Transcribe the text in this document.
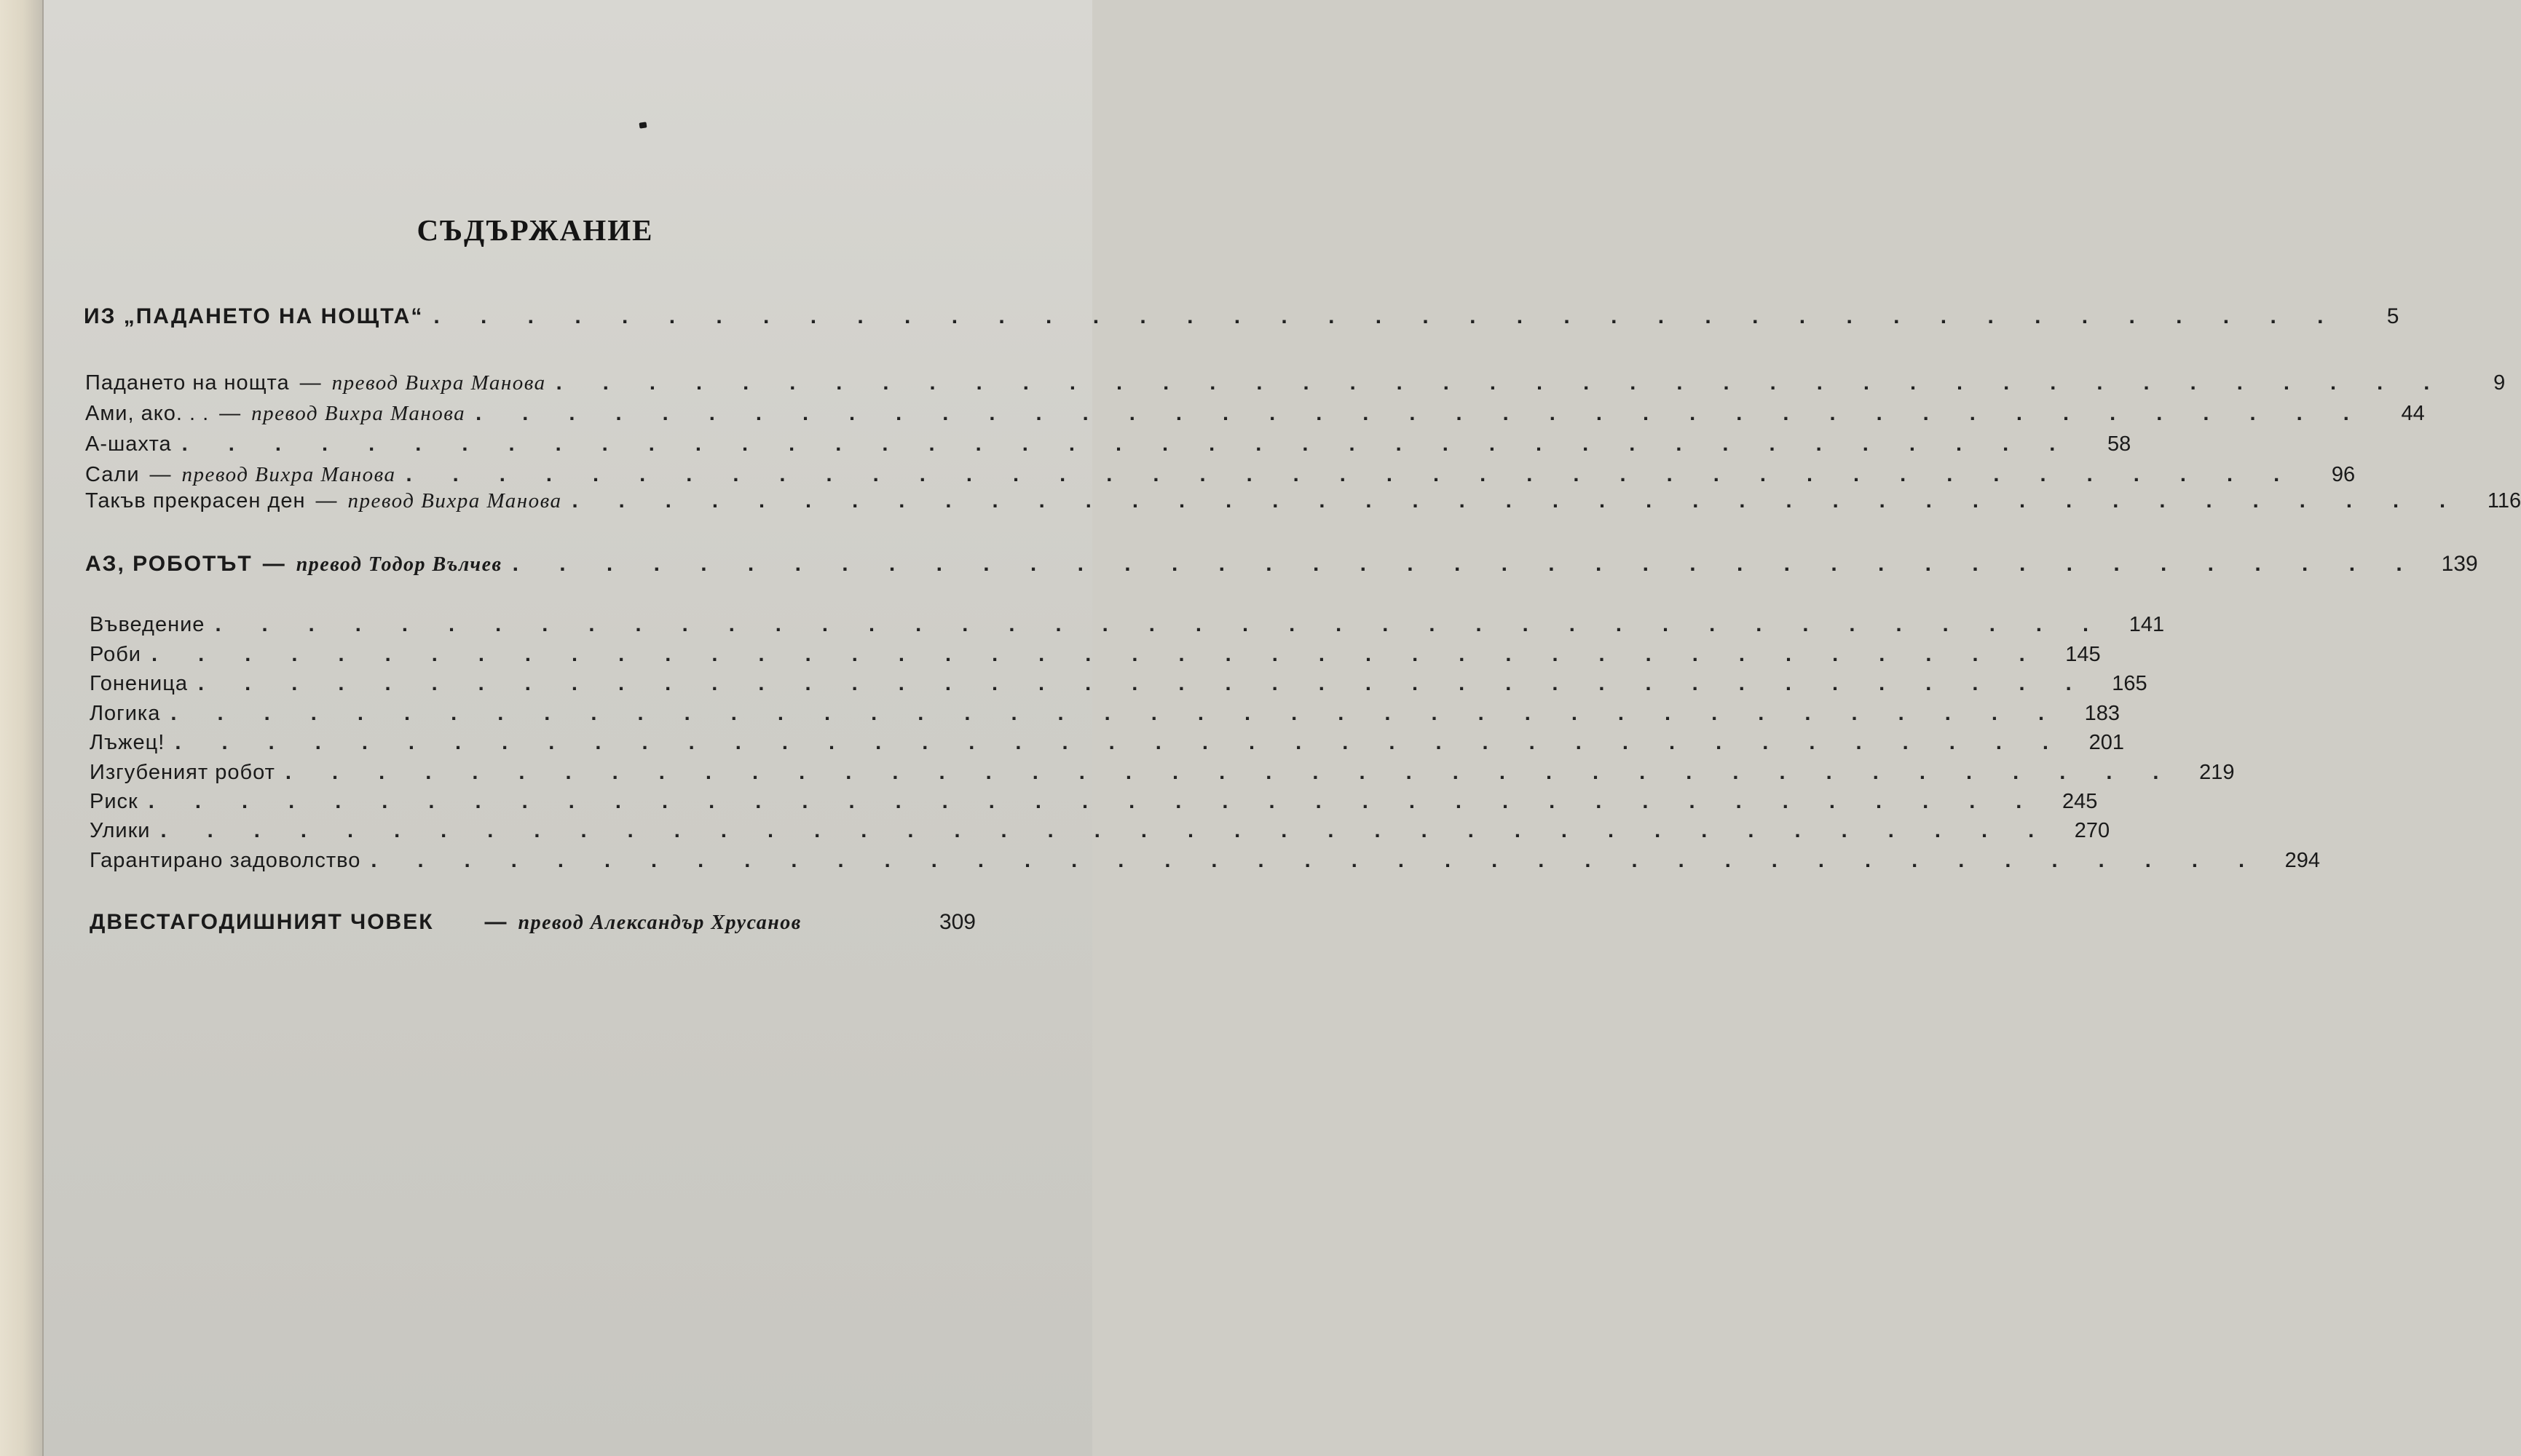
СЪДЪРЖАНИЕ
ИЗ „ПАДАНЕТО НА НОЩТА“ . . . . . . . . . . . . . . . . . . . . . . . . . . . . . . . . . . . . . . . . .	5
Падането на нощта — превод Вихра Манова . . . . . . . . . . . . . . . . . . . . . . . . . . . . . . . . . . . . . . . . .	9
Ами, ако. . . — превод Вихра Манова . . . . . . . . . . . . . . . . . . . . . . . . . . . . . . . . . . . . . . . . .	44
А-шахта . . . . . . . . . . . . . . . . . . . . . . . . . . . . . . . . . . . . . . . . .	58
Сали — превод Вихра Манова . . . . . . . . . . . . . . . . . . . . . . . . . . . . . . . . . . . . . . . . .	96
Такъв прекрасен ден — превод Вихра Манова . . . . . . . . . . . . . . . . . . . . . . . . . . . . . . . . . . . . . . . . .	116
АЗ, РОБОТЪТ — превод Тодор Вълчев . . . . . . . . . . . . . . . . . . . . . . . . . . . . . . . . . . . . . . . . . 139
Въведение . . . . . . . . . . . . . . . . . . . . . . . . . . . . . . . . . . . . . . . . .	141
Роби . . . . . . . . . . . . . . . . . . . . . . . . . . . . . . . . . . . . . . . . .	145
Гоненица . . . . . . . . . . . . . . . . . . . . . . . . . . . . . . . . . . . . . . . . .	165
Логика . . . . . . . . . . . . . . . . . . . . . . . . . . . . . . . . . . . . . . . . .	183
Лъжец! . . . . . . . . . . . . . . . . . . . . . . . . . . . . . . . . . . . . . . . . .	201
Изгубеният робот . . . . . . . . . . . . . . . . . . . . . . . . . . . . . . . . . . . . . . . . .	219
Риск . . . . . . . . . . . . . . . . . . . . . . . . . . . . . . . . . . . . . . . . .	245
Улики . . . . . . . . . . . . . . . . . . . . . . . . . . . . . . . . . . . . . . . . .	270
Гарантирано задоволство . . . . . . . . . . . . . . . . . . . . . . . . . . . . . . . . . . . . . . . . .	294
ДВЕСТАГОДИШНИЯТ ЧОВЕК — превод Александър Хрусанов	309
